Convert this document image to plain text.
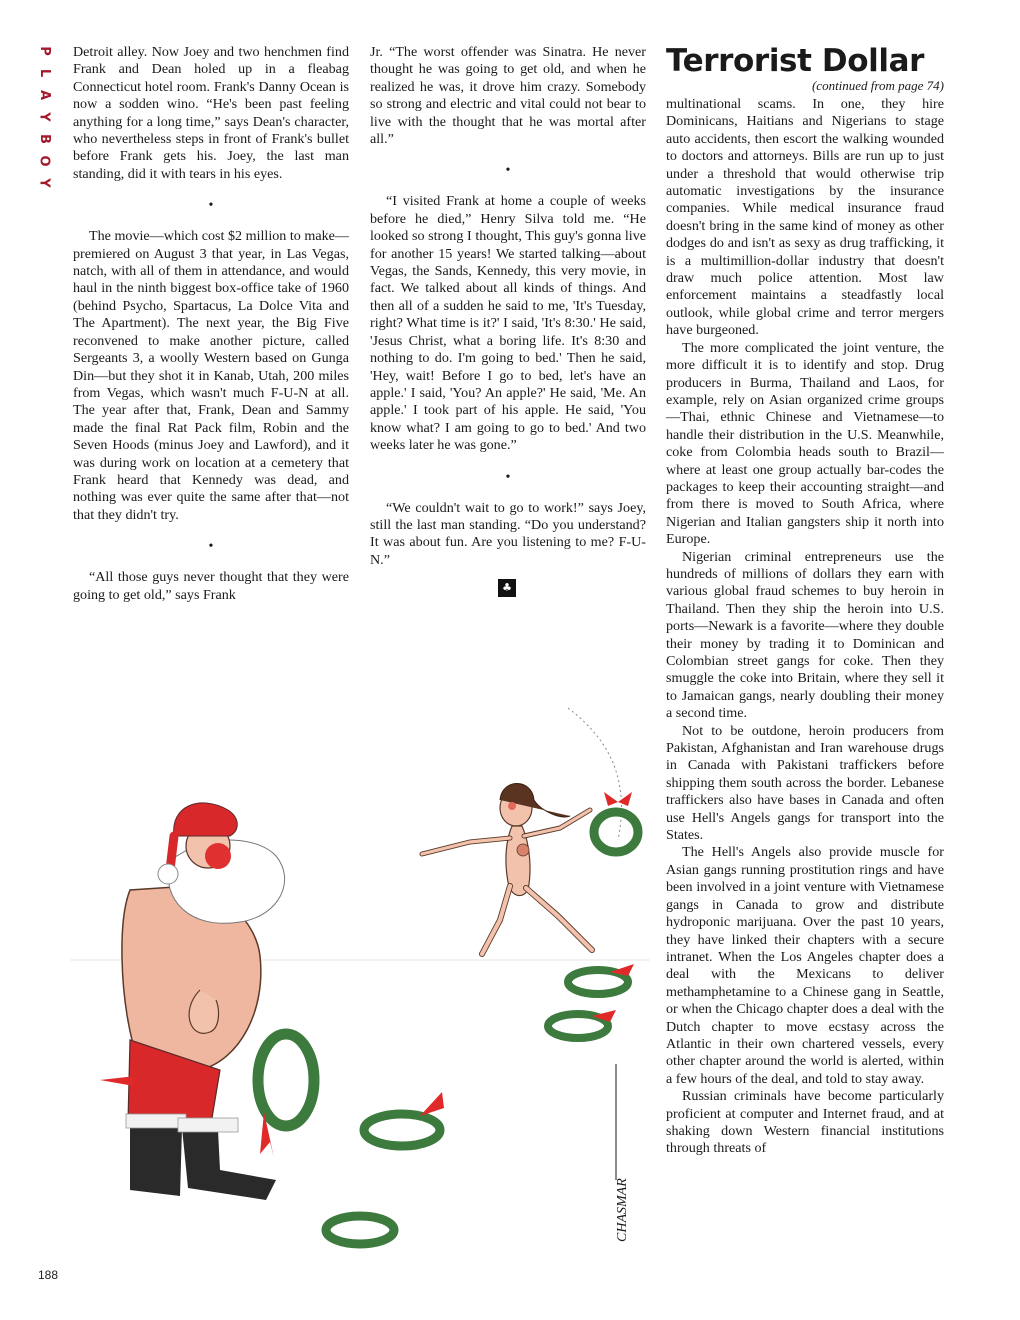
P
L
A
Y
B
O
Y

Detroit alley. Now Joey and two henchmen find Frank and Dean holed up in a fleabag Connecticut hotel room. Frank's Danny Ocean is now a sodden wino. “He's been past feeling anything for a long time,” says Dean's character, who nevertheless steps in front of Frank's bullet before Frank gets his. Joey, the last man standing, did it with tears in his eyes.

•

The movie—which cost $2 million to make—premiered on August 3 that year, in Las Vegas, natch, with all of them in attendance, and would haul in the ninth biggest box-office take of 1960 (behind Psycho, Spartacus, La Dolce Vita and The Apartment). The next year, the Big Five reconvened to make another picture, called Sergeants 3, a woolly Western based on Gunga Din—but they shot it in Kanab, Utah, 200 miles from Vegas, which wasn't much F-U-N at all. The year after that, Frank, Dean and Sammy made the final Rat Pack film, Robin and the Seven Hoods (minus Joey and Lawford), and it was during work on location at a cemetery that Frank heard that Kennedy was dead, and nothing was ever quite the same after that—not that they didn't try.

•

“All those guys never thought that they were going to get old,” says Frank

Jr. “The worst offender was Sinatra. He never thought he was going to get old, and when he realized he was, it drove him crazy. Somebody so strong and electric and vital could not bear to live with the thought that he was mortal after all.”

•

“I visited Frank at home a couple of weeks before he died,” Henry Silva told me. “He looked so strong I thought, This guy's gonna live for another 15 years! We started talking—about Vegas, the Sands, Kennedy, this very movie, in fact. We talked about all kinds of things. And then all of a sudden he said to me, 'It's Tuesday, right? What time is it?' I said, 'It's 8:30.' He said, 'Jesus Christ, what a boring life. It's 8:30 and nothing to do. I'm going to bed.' Then he said, 'Hey, wait! Before I go to bed, let's have an apple.' I said, 'You? An apple?' He said, 'Me. An apple.' I took part of his apple. He said, 'You know what? I am going to go to bed.' And two weeks later he was gone.”

•

“We couldn't wait to go to work!” says Joey, still the last man standing. “Do you understand? It was about fun. Are you listening to me? F-U-N.”

♣
Terrorist Dollar
(continued from page 74)

multinational scams. In one, they hire Dominicans, Haitians and Nigerians to stage auto accidents, then escort the walking wounded to doctors and attorneys. Bills are run up to just under a threshold that would otherwise trip automatic investigations by the insurance companies. While medical insurance fraud doesn't bring in the same kind of money as other dodges do and isn't as sexy as drug trafficking, it is a multimillion-dollar industry that doesn't draw much police attention. Most law enforcement maintains a steadfastly local outlook, while global crime and terror mergers have burgeoned.

The more complicated the joint venture, the more difficult it is to identify and stop. Drug producers in Burma, Thailand and Laos, for example, rely on Asian organized crime groups—Thai, ethnic Chinese and Vietnamese—to handle their distribution in the U.S. Meanwhile, coke from Colombia heads south to Brazil—where at least one group actually bar-codes the packages to keep their accounting straight—and from there is moved to South Africa, where Nigerian and Italian gangsters ship it north into Europe.

Nigerian criminal entrepreneurs use the hundreds of millions of dollars they earn with various global fraud schemes to buy heroin in Thailand. Then they ship the heroin into U.S. ports—Newark is a favorite—where they double their money by trading it to Dominican and Colombian street gangs for coke. Then they smuggle the coke into Britain, where they sell it to Jamaican gangs, nearly doubling their money a second time.

Not to be outdone, heroin producers from Pakistan, Afghanistan and Iran warehouse drugs in Canada with Pakistani traffickers before shipping them south across the border. Lebanese traffickers also have bases in Canada and often use Hell's Angels gangs for transport into the States.

The Hell's Angels also provide muscle for Asian gangs running prostitution rings and have been involved in a joint venture with Vietnamese gangs in Canada to grow and distribute hydroponic marijuana. Over the past 10 years, they have linked their chapters with a secure intranet. When the Los Angeles chapter does a deal with the Mexicans to deliver methamphetamine to a Chinese gang in Seattle, or when the Chicago chapter does a deal with the Dutch chapter to move ecstasy across the Atlantic in their own chartered vessels, every other chapter around the world is alerted, within a few hours of the deal, and told to stay away.

Russian criminals have become particularly proficient at computer and Internet fraud, and at shaking down Western financial institutions through threats of

CHASMAR
188
